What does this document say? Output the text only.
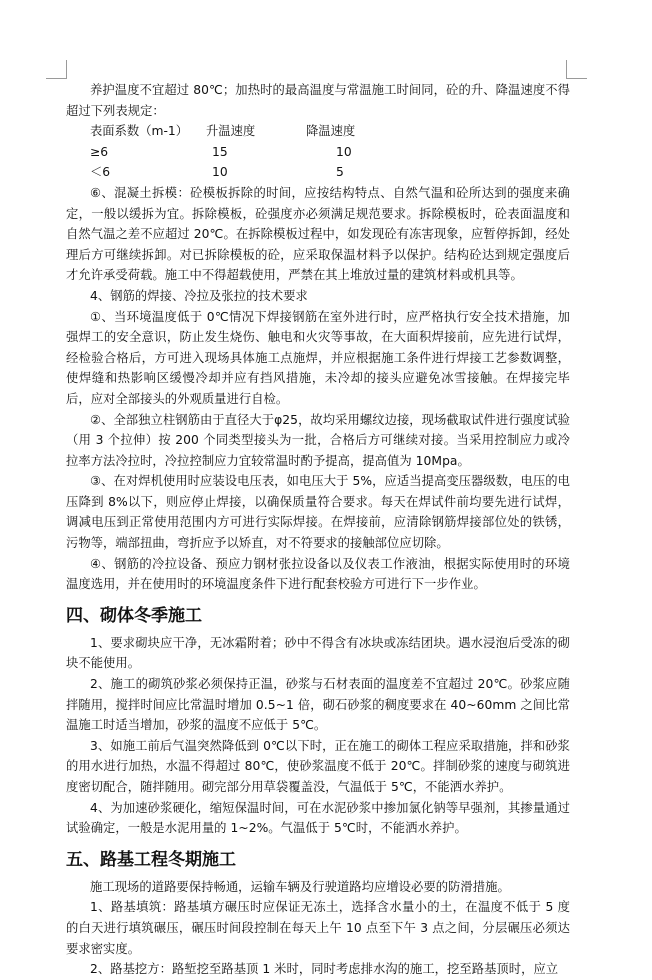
养护温度不宜超过 80℃；加热时的最高温度与常温施工时间同，砼的升、降温速度不得超过下列表规定：

表面系数（m-1）	升温速度	降温速度
≥6	15	10
＜6	10	5

⑥、混凝土拆模：砼模板拆除的时间，应按结构特点、自然气温和砼所达到的强度来确定，一般以缓拆为宜。拆除模板，砼强度亦必须满足规范要求。拆除模板时，砼表面温度和自然气温之差不应超过 20℃。在拆除模板过程中，如发现砼有冻害现象，应暂停拆卸，经处理后方可继续拆卸。对已拆除模板的砼，应采取保温材料予以保护。结构砼达到规定强度后才允许承受荷载。施工中不得超载使用，严禁在其上堆放过量的建筑材料或机具等。

4、钢筋的焊接、冷拉及张拉的技术要求

①、当环境温度低于 0℃情况下焊接钢筋在室外进行时，应严格执行安全技术措施，加强焊工的安全意识，防止发生烧伤、触电和火灾等事故，在大面积焊接前，应先进行试焊，经检验合格后，方可进入现场具体施工点施焊，并应根据施工条件进行焊接工艺参数调整，使焊缝和热影响区缓慢冷却并应有挡风措施，未冷却的接头应避免冰雪接触。在焊接完毕后，应对全部接头的外观质量进行自检。

②、全部独立柱钢筋由于直径大于φ25，故均采用螺纹边接，现场截取试件进行强度试验（用 3 个拉伸）按 200 个同类型接头为一批，合格后方可继续对接。当采用控制应力或冷拉率方法冷拉时，冷拉控制应力宜较常温时酌予提高，提高值为 10Mpa。

③、在对焊机使用时应装设电压表，如电压大于 5%，应适当提高变压器级数，电压的电压降到 8%以下，则应停止焊接，以确保质量符合要求。每天在焊试件前均要先进行试焊，调减电压到正常使用范围内方可进行实际焊接。在焊接前，应清除钢筋焊接部位处的铁锈，污物等，端部扭曲，弯折应予以矫直，对不符要求的接触部位应切除。

④、钢筋的冷拉设备、预应力钢材张拉设备以及仪表工作液油，根据实际使用时的环境温度选用，并在使用时的环境温度条件下进行配套校验方可进行下一步作业。

四、砌体冬季施工

1、要求砌块应干净，无冰霜附着；砂中不得含有冰块或冻结团块。遇水浸泡后受冻的砌块不能使用。

2、施工的砌筑砂浆必须保持正温，砂浆与石材表面的温度差不宜超过 20℃。砂浆应随拌随用，搅拌时间应比常温时增加 0.5~1 倍，砌石砂浆的稠度要求在 40~60mm 之间比常温施工时适当增加，砂浆的温度不应低于 5℃。

3、如施工前后气温突然降低到 0℃以下时，正在施工的砌体工程应采取措施，拌和砂浆的用水进行加热，水温不得超过 80℃，使砂浆温度不低于 20℃。拌制砂浆的速度与砌筑进度密切配合，随拌随用。砌完部分用草袋覆盖没，气温低于 5℃，不能洒水养护。

4、为加速砂浆硬化，缩短保温时间，可在水泥砂浆中掺加氯化钠等早强剂，其掺量通过试验确定，一般是水泥用量的 1~2%。气温低于 5℃时，不能洒水养护。

五、路基工程冬期施工

施工现场的道路要保持畅通，运输车辆及行驶道路均应增设必要的防滑措施。

1、路基填筑：路基填方碾压时应保证无冻土，选择含水量小的土，在温度不低于 5 度的白天进行填筑碾压，碾压时间段控制在每天上午 10 点至下午 3 点之间，分层碾压必须达要求密实度。

2、路基挖方：路堑挖至路基顶 1 米时，同时考虑排水沟的施工，挖至路基顶时，应立
